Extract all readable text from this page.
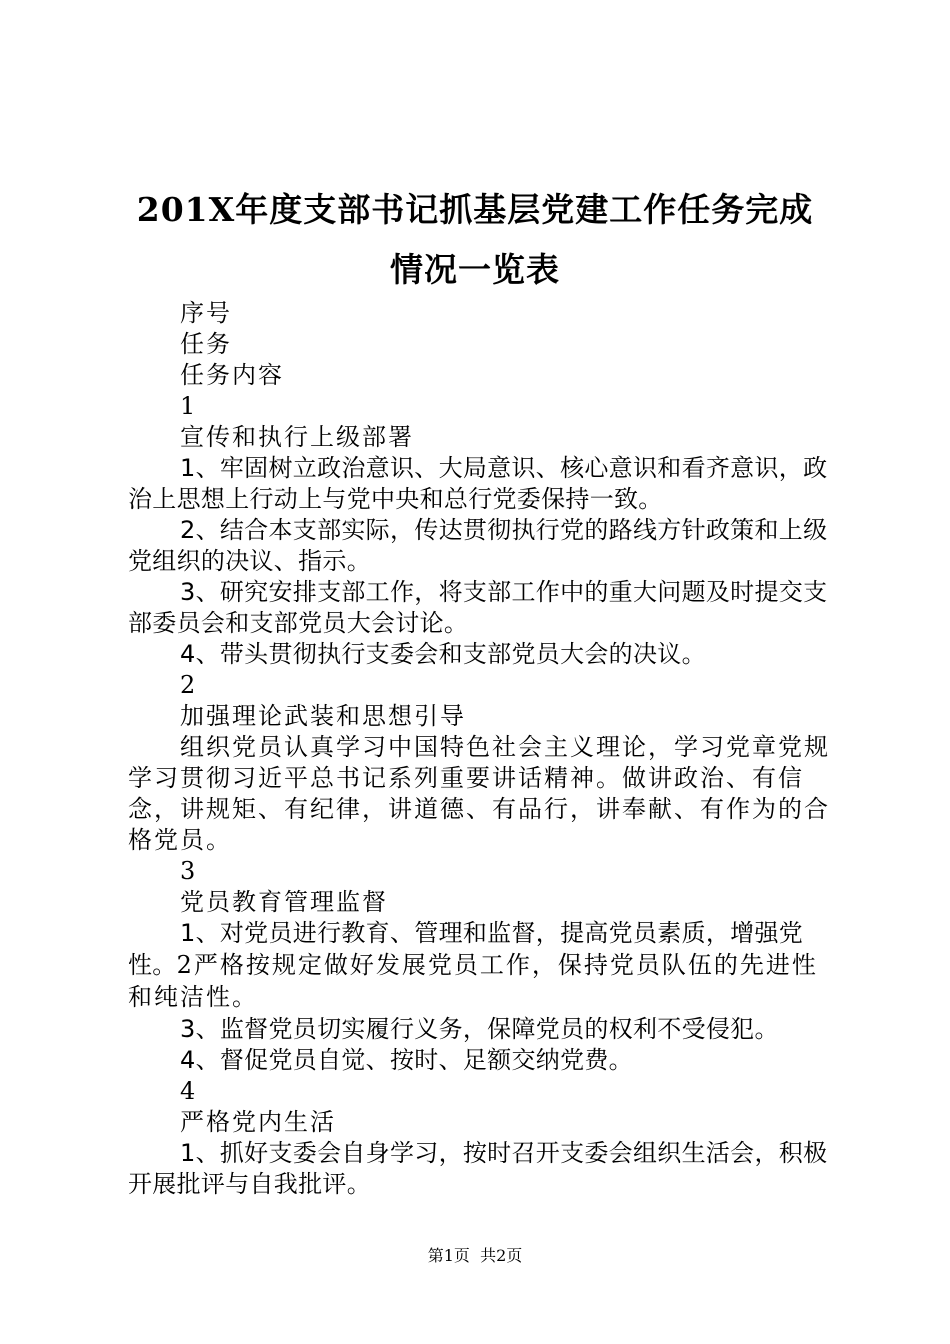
201X年度支部书记抓基层党建工作任务完成
情况一览表

序号

任务

任务内容

1

宣传和执行上级部署

1、牢固树立政治意识、大局意识、核心意识和看齐意识，政治上思想上行动上与党中央和总行党委保持一致。

2、结合本支部实际，传达贯彻执行党的路线方针政策和上级党组织的决议、指示。

3、研究安排支部工作，将支部工作中的重大问题及时提交支部委员会和支部党员大会讨论。

4、带头贯彻执行支委会和支部党员大会的决议。

2

加强理论武装和思想引导

组织党员认真学习中国特色社会主义理论，学习党章党规学习贯彻习近平总书记系列重要讲话精神。做讲政治、有信念，讲规矩、有纪律，讲道德、有品行，讲奉献、有作为的合格党员。

3

党员教育管理监督

1、对党员进行教育、管理和监督，提高党员素质，增强党性。2严格按规定做好发展党员工作，保持党员队伍的先进性和纯洁性。

3、监督党员切实履行义务，保障党员的权利不受侵犯。

4、督促党员自觉、按时、足额交纳党费。

4

严格党内生活

1、抓好支委会自身学习，按时召开支委会组织生活会，积极开展批评与自我批评。

第1页  共2页
